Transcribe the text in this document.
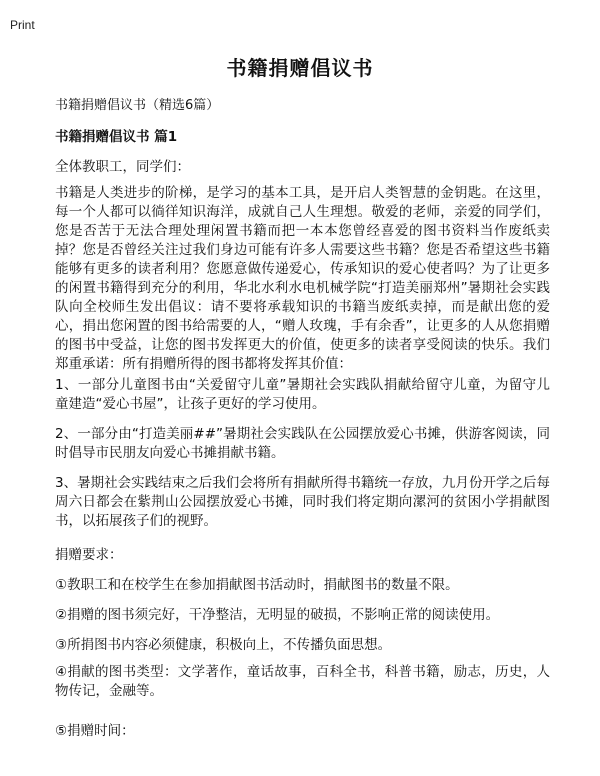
Print
书籍捐赠倡议书
书籍捐赠倡议书（精选6篇）
书籍捐赠倡议书 篇1
全体教职工，同学们：
书籍是人类进步的阶梯，是学习的基本工具，是开启人类智慧的金钥匙。在这里，每一个人都可以徜徉知识海洋，成就自己人生理想。敬爱的老师，亲爱的同学们，您是否苦于无法合理处理闲置书籍而把一本本您曾经喜爱的图书资料当作废纸卖掉？您是否曾经关注过我们身边可能有许多人需要这些书籍？您是否希望这些书籍能够有更多的读者利用？您愿意做传递爱心，传承知识的爱心使者吗？为了让更多的闲置书籍得到充分的利用，华北水利水电机械学院“打造美丽郑州”暑期社会实践队向全校师生发出倡议：请不要将承载知识的书籍当废纸卖掉，而是献出您的爱心，捐出您闲置的图书给需要的人，“赠人玫瑰，手有余香”，让更多的人从您捐赠的图书中受益，让您的图书发挥更大的价值，使更多的读者享受阅读的快乐。我们郑重承诺：所有捐赠所得的图书都将发挥其价值：
1、一部分儿童图书由“关爱留守儿童”暑期社会实践队捐献给留守儿童，为留守儿童建造“爱心书屋”，让孩子更好的学习使用。
2、一部分由“打造美丽##”暑期社会实践队在公园摆放爱心书摊，供游客阅读，同时倡导市民朋友向爱心书摊捐献书籍。
3、暑期社会实践结束之后我们会将所有捐献所得书籍统一存放，九月份开学之后每周六日都会在紫荆山公园摆放爱心书摊，同时我们将定期向漯河的贫困小学捐献图书，以拓展孩子们的视野。
捐赠要求：
①教职工和在校学生在参加捐献图书活动时，捐献图书的数量不限。
②捐赠的图书须完好，干净整洁，无明显的破损，不影响正常的阅读使用。
③所捐图书内容必须健康，积极向上，不传播负面思想。
④捐献的图书类型：文学著作，童话故事，百科全书，科普书籍，励志，历史，人物传记，金融等。
⑤捐赠时间：
